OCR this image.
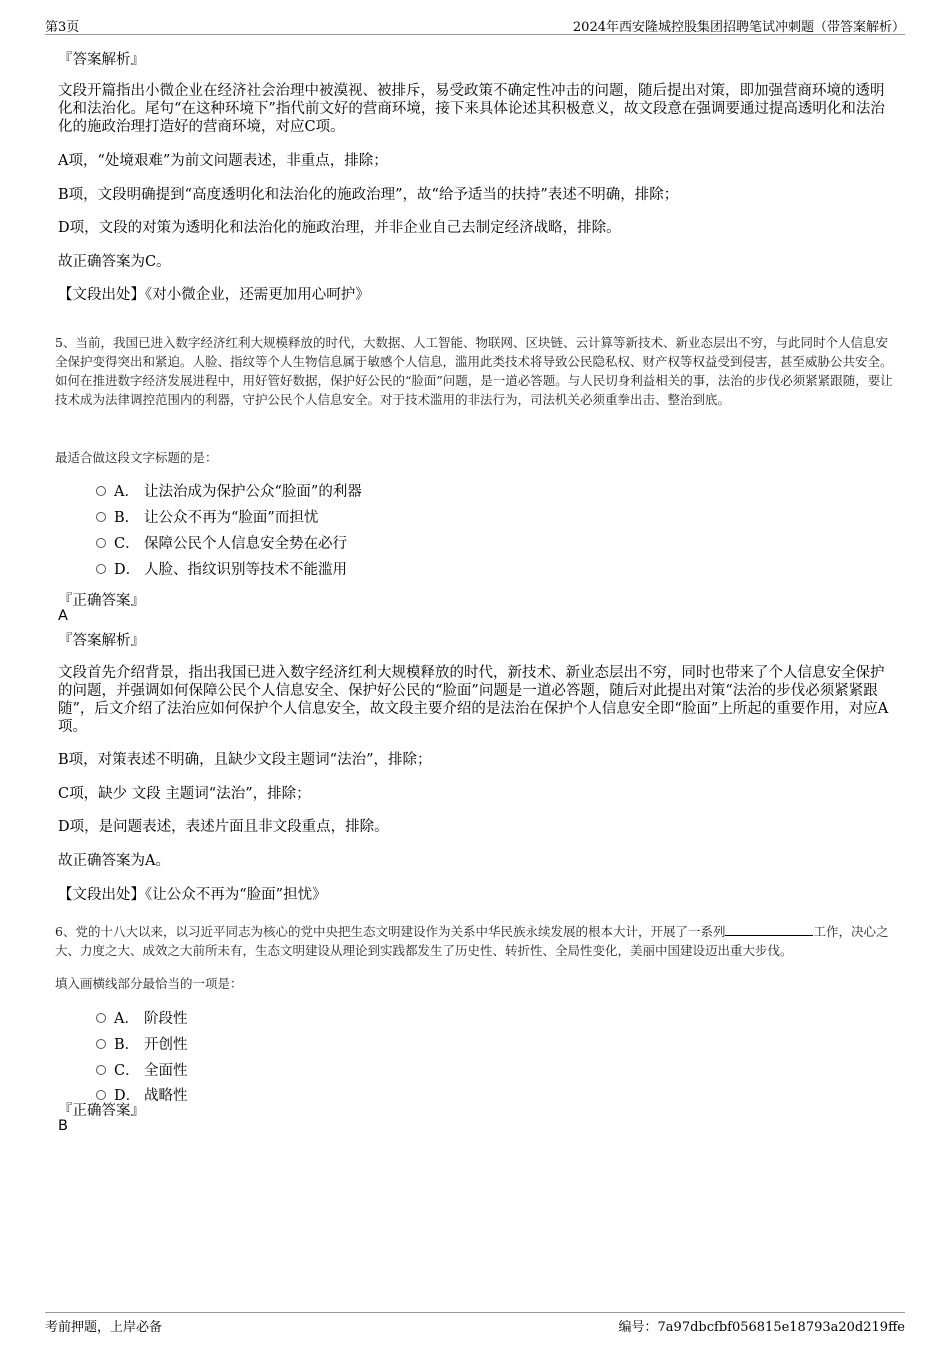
第3页	2024年西安隆城控股集团招聘笔试冲刺题（带答案解析）
『答案解析』
文段开篇指出小微企业在经济社会治理中被漠视、被排斥，易受政策不确定性冲击的问题，随后提出对策，即加强营商环境的透明化和法治化。尾句“在这种环境下”指代前文好的营商环境，接下来具体论述其积极意义，故文段意在强调要通过提高透明化和法治化的施政治理打造好的营商环境，对应C项。
A项，“处境艰难”为前文问题表述，非重点，排除；
B项，文段明确提到“高度透明化和法治化的施政治理”，故“给予适当的扶持”表述不明确，排除；
D项，文段的对策为透明化和法治化的施政治理，并非企业自己去制定经济战略，排除。
故正确答案为C。
【文段出处】《对小微企业，还需更加用心呵护》
5、当前，我国已进入数字经济红利大规模释放的时代，大数据、人工智能、物联网、区块链、云计算等新技术、新业态层出不穷，与此同时个人信息安全保护变得突出和紧迫。人脸、指纹等个人生物信息属于敏感个人信息，滥用此类技术将导致公民隐私权、财产权等权益受到侵害，甚至威胁公共安全。如何在推进数字经济发展进程中，用好管好数据，保护好公民的“脸面”问题，是一道必答题。与人民切身利益相关的事，法治的步伐必须紧紧跟随，要让技术成为法律调控范围内的利器，守护公民个人信息安全。对于技术滥用的非法行为，司法机关必须重拳出击、整治到底。
最适合做这段文字标题的是：
A． 让法治成为保护公众“脸面”的利器
B． 让公众不再为“脸面”而担忧
C． 保障公民个人信息安全势在必行
D． 人脸、指纹识别等技术不能滥用
『正确答案』
A
『答案解析』
文段首先介绍背景，指出我国已进入数字经济红利大规模释放的时代，新技术、新业态层出不穷，同时也带来了个人信息安全保护的问题，并强调如何保障公民个人信息安全、保护好公民的“脸面”问题是一道必答题，随后对此提出对策“法治的步伐必须紧紧跟随”，后文介绍了法治应如何保护个人信息安全，故文段主要介绍的是法治在保护个人信息安全即“脸面”上所起的重要作用，对应A项。
B项，对策表述不明确，且缺少文段主题词“法治”，排除；
C项，缺少 文段 主题词“法治”，排除；
D项，是问题表述，表述片面且非文段重点，排除。
故正确答案为A。
【文段出处】《让公众不再为“脸面”担忧》
6、党的十八大以来，以习近平同志为核心的党中央把生态文明建设作为关系中华民族永续发展的根本大计，开展了一系列	工作，决心之大、力度之大、成效之大前所未有，生态文明建设从理论到实践都发生了历史性、转折性、全局性变化，美丽中国建设迈出重大步伐。
填入画横线部分最恰当的一项是：
A． 阶段性
B． 开创性
C． 全面性
D． 战略性
『正确答案』
B
考前押题，上岸必备	编号：7a97dbcfbf056815e18793a20d219ffe
